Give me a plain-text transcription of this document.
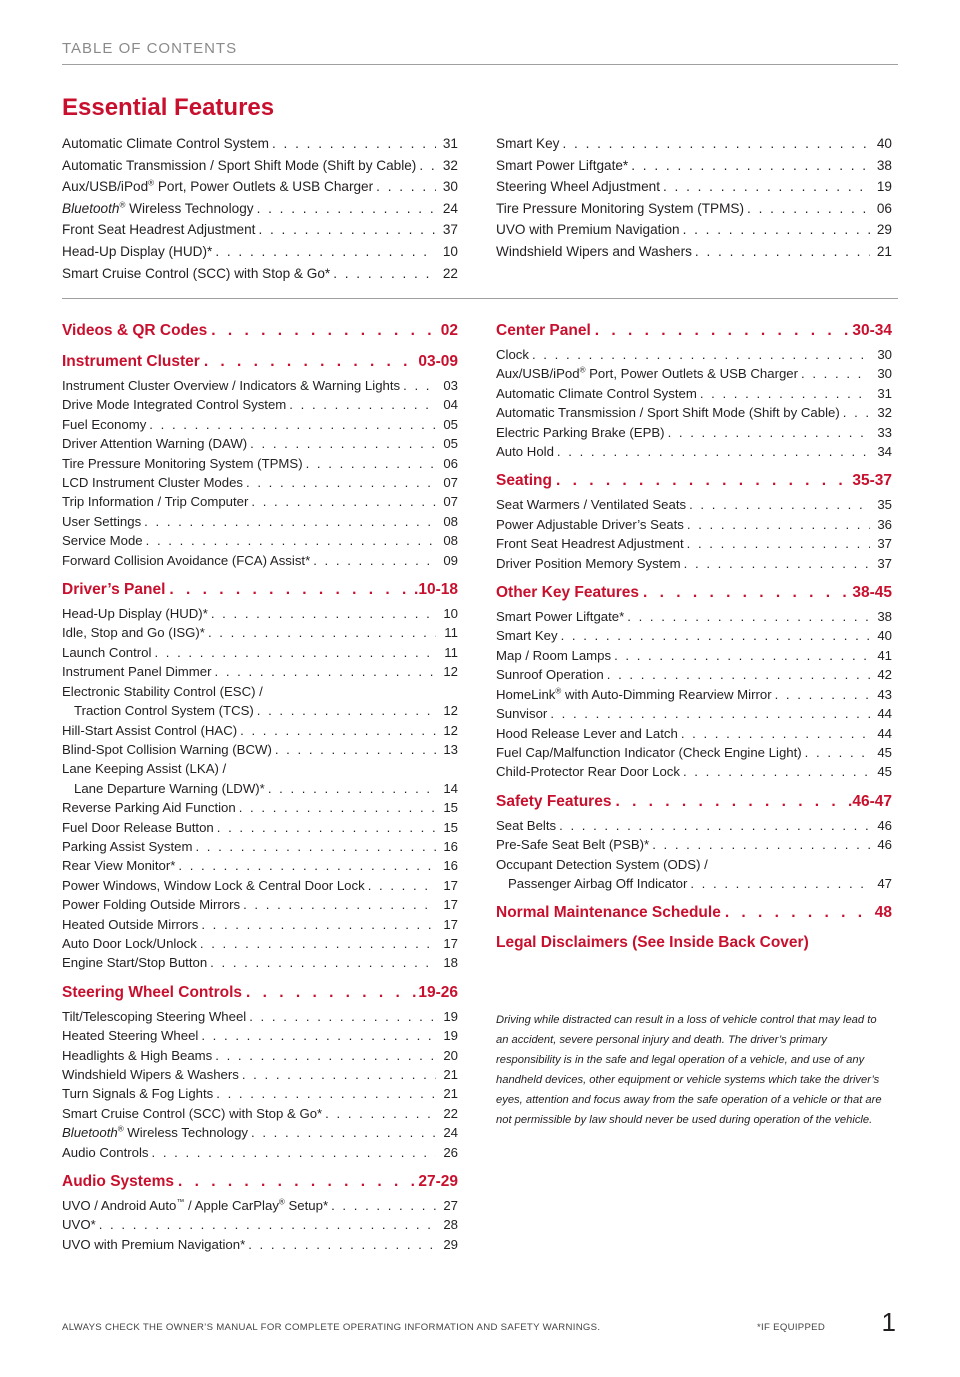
TABLE OF CONTENTS
Essential Features
Automatic Climate Control System . . .	31
Automatic Transmission / Sport Shift Mode (Shift by Cable) . . .	32
Aux/USB/iPod® Port, Power Outlets & USB Charger . . .	30
Bluetooth® Wireless Technology . . .	24
Front Seat Headrest Adjustment . . .	37
Head-Up Display (HUD)* . . .	10
Smart Cruise Control (SCC) with Stop & Go* . . .	22
Smart Key . . .	40
Smart Power Liftgate* . . .	38
Steering Wheel Adjustment . . .	19
Tire Pressure Monitoring System (TPMS) . . .	06
UVO with Premium Navigation . . .	29
Windshield Wipers and Washers . . .	21
Videos & QR Codes . . .	02
Instrument Cluster . . .	03-09
Instrument Cluster Overview / Indicators & Warning Lights . . .	03
Drive Mode Integrated Control System . . .	04
Fuel Economy . . .	05
Driver Attention Warning (DAW) . . .	05
Tire Pressure Monitoring System (TPMS) . . .	06
LCD Instrument Cluster Modes . . .	07
Trip Information / Trip Computer . . .	07
User Settings . . .	08
Service Mode . . .	08
Forward Collision Avoidance (FCA) Assist* . . .	09
Driver’s Panel . . .	.10-18
Head-Up Display (HUD)* . . .	10
Idle, Stop and Go (ISG)* . . .	11
Launch Control . . .	11
Instrument Panel Dimmer . . .	12
Electronic Stability Control (ESC) /
Traction Control System (TCS) . . .	12
Hill-Start Assist Control (HAC) . . .	12
Blind-Spot Collision Warning (BCW) . . .	13
Lane Keeping Assist (LKA) /
Lane Departure Warning (LDW)* . . .	14
Reverse Parking Aid Function . . .	15
Fuel Door Release Button . . .	15
Parking Assist System . . .	16
Rear View Monitor* . . .	16
Power Windows, Window Lock & Central Door Lock . . .	17
Power Folding Outside Mirrors . . .	17
Heated Outside Mirrors . . .	17
Auto Door Lock/Unlock . . .	17
Engine Start/Stop Button . . .	18
Steering Wheel Controls . . .	19-26
Tilt/Telescoping Steering Wheel . . .	19
Heated Steering Wheel . . .	19
Headlights & High Beams . . .	20
Windshield Wipers & Washers . . .	21
Turn Signals & Fog Lights . . .	21
Smart Cruise Control (SCC) with Stop & Go* . . .	22
Bluetooth® Wireless Technology . . .	24
Audio Controls . . .	26
Audio Systems . . .	27-29
UVO / Android Auto™ / Apple CarPlay® Setup* . . .	27
UVO* . . .	28
UVO with Premium Navigation* . . .	29
Center Panel . . .	30-34
Clock . . .	30
Aux/USB/iPod® Port, Power Outlets & USB Charger . . .	30
Automatic Climate Control System . . .	31
Automatic Transmission / Sport Shift Mode (Shift by Cable) . . .	32
Electric Parking Brake (EPB) . . .	33
Auto Hold . . .	34
Seating . . .	35-37
Seat Warmers / Ventilated Seats . . .	35
Power Adjustable Driver’s Seats . . .	36
Front Seat Headrest Adjustment . . .	37
Driver Position Memory System . . .	37
Other Key Features . . .	38-45
Smart Power Liftgate* . . .	38
Smart Key . . .	40
Map / Room Lamps . . .	41
Sunroof Operation . . .	42
HomeLink® with Auto-Dimming Rearview Mirror . . .	43
Sunvisor . . .	44
Hood Release Lever and Latch . . .	44
Fuel Cap/Malfunction Indicator (Check Engine Light) . . .	45
Child-Protector Rear Door Lock . . .	45
Safety Features . . .	46-47
Seat Belts . . .	46
Pre-Safe Seat Belt (PSB)* . . .	46
Occupant Detection System (ODS) /
Passenger Airbag Off Indicator . . .	47
Normal Maintenance Schedule . . .	48
Legal Disclaimers (See Inside Back Cover)
Driving while distracted can result in a loss of vehicle control that may lead to an accident, severe personal injury and death. The driver’s primary responsibility is in the safe and legal operation of a vehicle, and use of any handheld devices, other equipment or vehicle systems which take the driver’s eyes, attention and focus away from the safe operation of a vehicle or that are not permissible by law should never be used during operation of the vehicle.
ALWAYS CHECK THE OWNER’S MANUAL FOR COMPLETE OPERATING INFORMATION AND SAFETY WARNINGS.	*IF EQUIPPED 1
